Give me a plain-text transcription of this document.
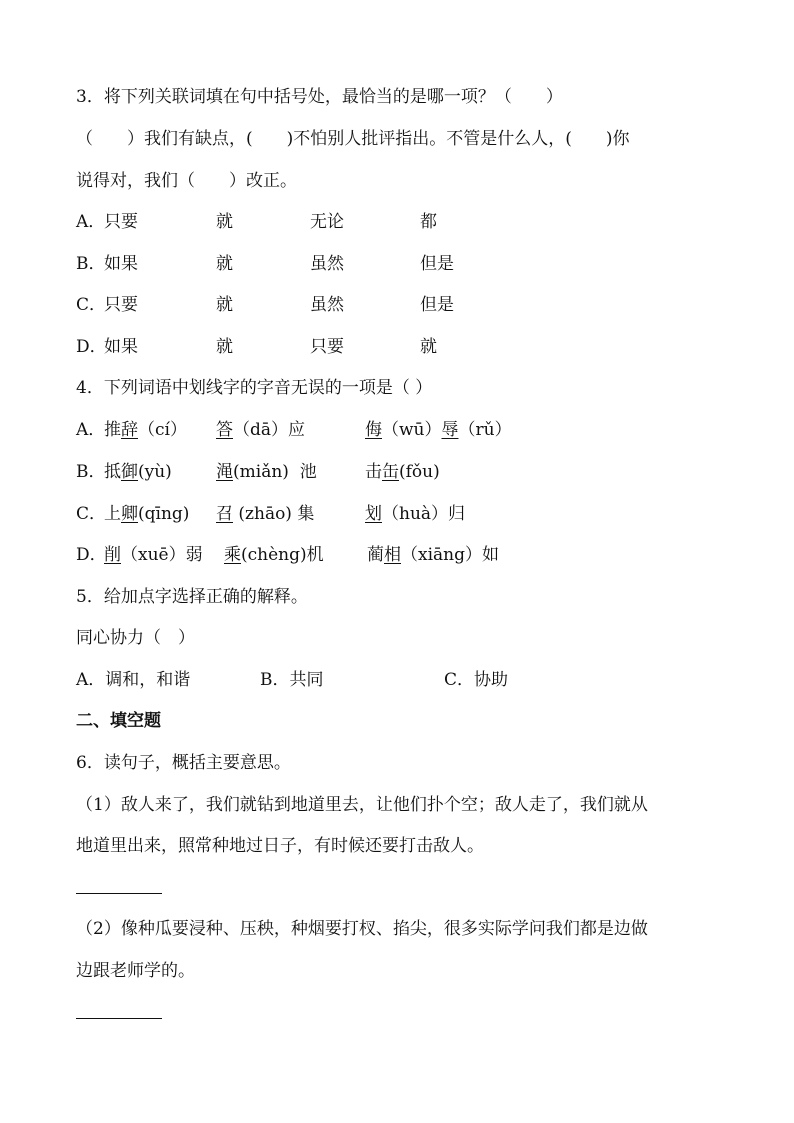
3．将下列关联词填在句中括号处，最恰当的是哪一项？（　　）
（　　）我们有缺点，(　　)不怕别人批评指出。不管是什么人，(　　)你
说得对，我们（　　）改正。
A．
只要	就	无论	都
B．
如果	就	虽然	但是
C．
只要	就	虽然	但是
D．
如果	就	只要	就
4．下列词语中划线字的字音无误的一项是（ ）
A．
推辞（cí） 答（dā）应	侮（wū）辱（rǔ）
B．
抵御(yù)	渑(miǎn) 池	击缶(fǒu)
C．
上卿(qīng) 召 (zhāo) 集	划（huà）归
D．
削（xuē）弱 乘(chèng)机	蔺相（xiāng）如
5．给加点字选择正确的解释。
同心协力（　）
A．调和，和谐	B．共同	C．协助
二、填空题
6．读句子，概括主要意思。
（1）敌人来了，我们就钻到地道里去，让他们扑个空；敌人走了，我们就从
地道里出来，照常种地过日子，有时候还要打击敌人。
（2）像种瓜要浸种、压秧，种烟要打杈、掐尖，很多实际学问我们都是边做
边跟老师学的。
